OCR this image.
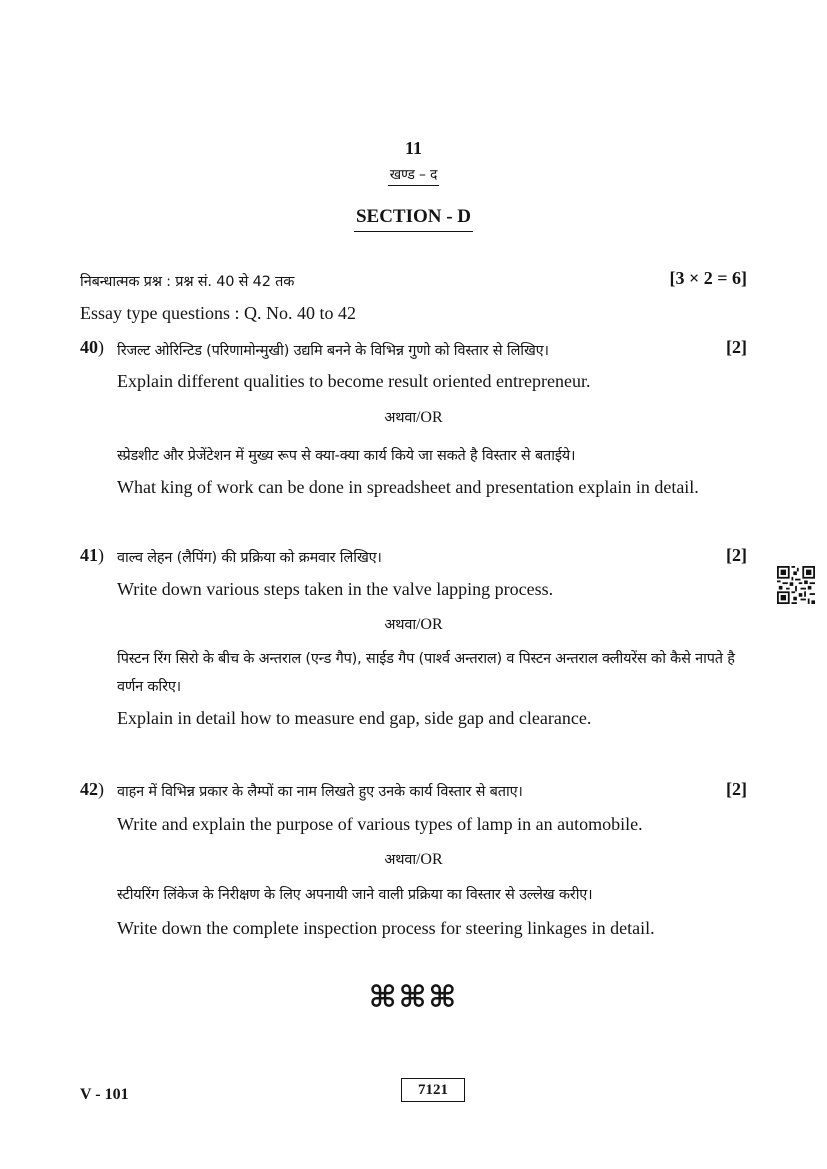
11
खण्ड – द
SECTION - D
निबन्धात्मक प्रश्न : प्रश्न सं. 40 से 42 तक	[3 × 2 = 6]
Essay type questions : Q. No. 40 to 42
40) रिजल्ट ओरिन्टिड (परिणामोन्मुखी) उद्यमि बनने के विभिन्न गुणो को विस्तार से लिखिए।	[2]
Explain different qualities to become result oriented entrepreneur.
अथवा/OR
स्प्रेडशीट और प्रेजेंटेशन में मुख्य रूप से क्या-क्या कार्य किये जा सकते है विस्तार से बताईये।
What king of work can be done in spreadsheet and presentation explain in detail.
41) वाल्व लेहन (लैपिंग) की प्रक्रिया को क्रमवार लिखिए।	[2]
Write down various steps taken in the valve lapping process.
अथवा/OR
पिस्टन रिंग सिरो के बीच के अन्तराल (एन्ड गैप), साईड गैप (पार्श्व अन्तराल) व पिस्टन अन्तराल क्लीयरेंस को कैसे नापते है वर्णन करिए।
Explain in detail how to measure end gap, side gap and clearance.
42) वाहन में विभिन्न प्रकार के लैम्पों का नाम लिखते हुए उनके कार्य विस्तार से बताए।	[2]
Write and explain the purpose of various types of lamp in an automobile.
अथवा/OR
स्टीयरिंग लिंकेज के निरीक्षण के लिए अपनायी जाने वाली प्रक्रिया का विस्तार से उल्लेख करीए।
Write down the complete inspection process for steering linkages in detail.
⌘⌘⌘
V - 101	7121
